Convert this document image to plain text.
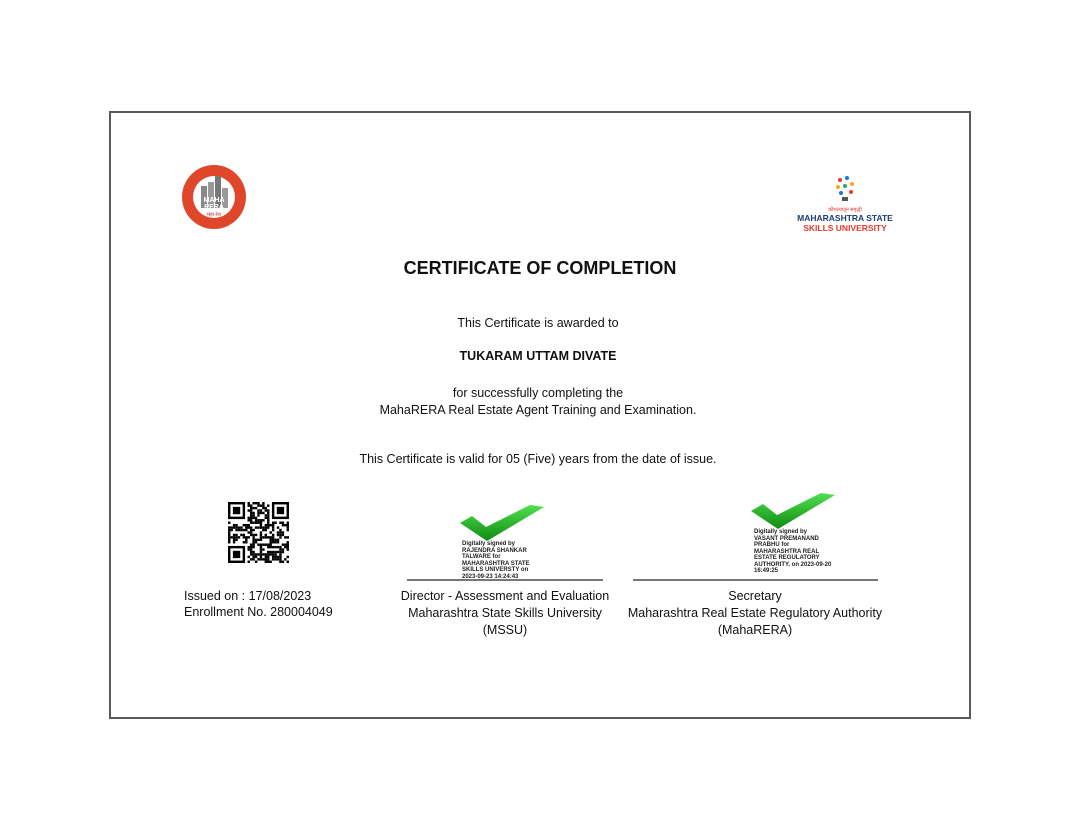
MAHA
RERA
महा-रेरा
कौशल्यातून समृद्धी
MAHARASHTRA STATE
SKILLS UNIVERSITY
CERTIFICATE OF COMPLETION
This Certificate is awarded to
TUKARAM UTTAM DIVATE
for successfully completing the
MahaRERA Real Estate Agent Training and Examination.
This Certificate is valid for 05 (Five) years from the date of issue.
Issued on : 17/08/2023
Enrollment No. 280004049
Digitally signed by
RAJENDRA SHANKAR
TALWARE for
MAHARASHTRA STATE
SKILLS UNIVERSTY on
2023-09-23 14:24:43
Director - Assessment and Evaluation
Maharashtra State Skills University
(MSSU)
Digitally signed by
VASANT PREMANAND
PRABHU for
MAHARASHTRA REAL
ESTATE REGULATORY
AUTHORITY. on 2023-09-20
16:49:25
Secretary
Maharashtra Real Estate Regulatory Authority
(MahaRERA)
